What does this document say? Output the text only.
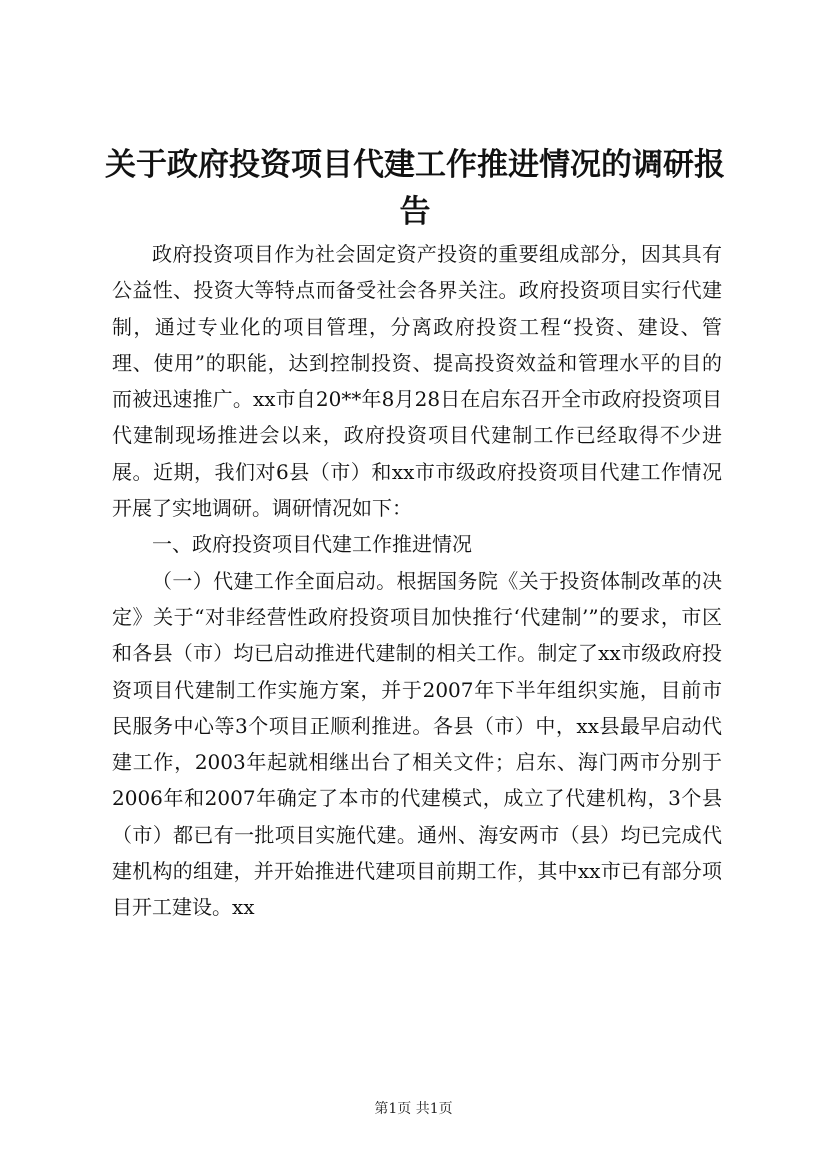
关于政府投资项目代建工作推进情况的调研报告

政府投资项目作为社会固定资产投资的重要组成部分，因其具有公益性、投资大等特点而备受社会各界关注。政府投资项目实行代建制，通过专业化的项目管理，分离政府投资工程“投资、建设、管理、使用”的职能，达到控制投资、提高投资效益和管理水平的目的而被迅速推广。xx市自20**年8月28日在启东召开全市政府投资项目代建制现场推进会以来，政府投资项目代建制工作已经取得不少进展。近期，我们对6县（市）和xx市市级政府投资项目代建工作情况开展了实地调研。调研情况如下：

一、政府投资项目代建工作推进情况

（一）代建工作全面启动。根据国务院《关于投资体制改革的决定》关于“对非经营性政府投资项目加快推行‘代建制’”的要求，市区和各县（市）均已启动推进代建制的相关工作。制定了xx市级政府投资项目代建制工作实施方案，并于2007年下半年组织实施，目前市民服务中心等3个项目正顺利推进。各县（市）中，xx县最早启动代建工作，2003年起就相继出台了相关文件；启东、海门两市分别于2006年和2007年确定了本市的代建模式，成立了代建机构，3个县（市）都已有一批项目实施代建。通州、海安两市（县）均已完成代建机构的组建，并开始推进代建项目前期工作，其中xx市已有部分项目开工建设。xx

第1页 共1页
